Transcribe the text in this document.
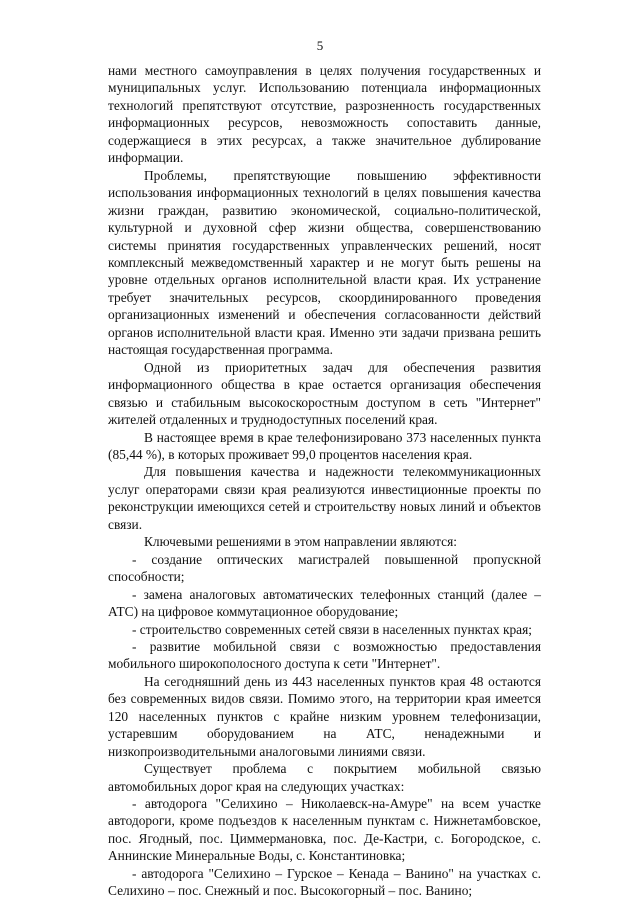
5

нами местного самоуправления в целях получения государственных и муниципальных услуг. Использованию потенциала информационных технологий препятствуют отсутствие, разрозненность государственных информационных ресурсов, невозможность сопоставить данные, содержащиеся в этих ресурсах, а также значительное дублирование информации.

Проблемы, препятствующие повышению эффективности использования информационных технологий в целях повышения качества жизни граждан, развитию экономической, социально-политической, культурной и духовной сфер жизни общества, совершенствованию системы принятия государственных управленческих решений, носят комплексный межведомственный характер и не могут быть решены на уровне отдельных органов исполнительной власти края. Их устранение требует значительных ресурсов, скоординированного проведения организационных изменений и обеспечения согласованности действий органов исполнительной власти края. Именно эти задачи призвана решить настоящая государственная программа.

Одной из приоритетных задач для обеспечения развития информационного общества в крае остается организация обеспечения связью и стабильным высокоскоростным доступом в сеть "Интернет" жителей отдаленных и труднодоступных поселений края.

В настоящее время в крае телефонизировано 373 населенных пункта (85,44 %), в которых проживает 99,0 процентов населения края.

Для повышения качества и надежности телекоммуникационных услуг операторами связи края реализуются инвестиционные проекты по реконструкции имеющихся сетей и строительству новых линий и объектов связи.

Ключевыми решениями в этом направлении являются:

- создание оптических магистралей повышенной пропускной способности;

- замена аналоговых автоматических телефонных станций (далее – АТС) на цифровое коммутационное оборудование;

- строительство современных сетей связи в населенных пунктах края;

- развитие мобильной связи с возможностью предоставления мобильного широкополосного доступа к сети "Интернет".

На сегодняшний день из 443 населенных пунктов края 48 остаются без современных видов связи. Помимо этого, на территории края имеется 120 населенных пунктов с крайне низким уровнем телефонизации, устаревшим оборудованием на АТС, ненадежными и низкопроизводительными аналоговыми линиями связи.

Существует проблема с покрытием мобильной связью автомобильных дорог края на следующих участках:

- автодорога "Селихино – Николаевск-на-Амуре" на всем участке автодороги, кроме подъездов к населенным пунктам с. Нижнетамбовское, пос. Ягодный, пос. Циммермановка, пос. Де-Кастри, с. Богородское, с. Аннинские Минеральные Воды, с. Константиновка;

- автодорога "Селихино – Гурское – Кенада – Ванино" на участках с. Селихино – пос. Снежный и пос. Высокогорный – пос. Ванино;
